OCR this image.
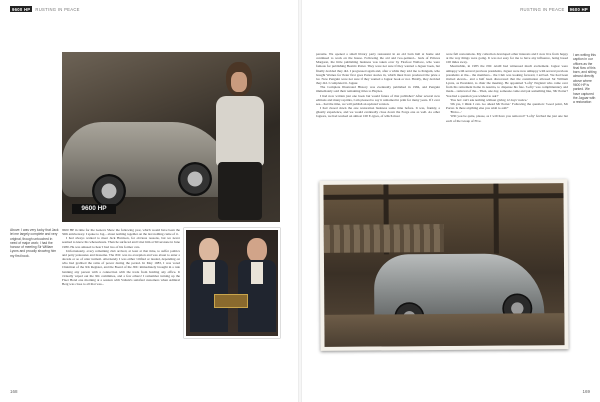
9600 HP	RUSTING IN PEACE	RUSTING IN PEACE	9600 HP
9600 HP
Above: I was very lucky that Jack let me largely complete and very original, though untouched in need of major work; I had the honour of meeting Sir William Lyons and proudly showing him my first book.
I am writing this caption in our offices as the final flow of this barn, and sitting almost directly above where 9600 HP is parked. We have captured the Jaguar with a restoration

9600 HP in time for the Geneva Show the following year, which would have been the 50th anniversary. I spoke to Jag... about nothing together on the last nothing came of it.

I had always wanted to meet Jack Harrison, for obvious reasons, but we never seemed to know his whereabouts. Then he surfaced and I met him at Silverstone in June 1980. He was amused to hear I had two of his former cars.

Unfortunately, every remaining club arrived, at least at that time, to suffer politics and petty jealousies and tiresome. The JDC was no exception and was about to enter a decade or so of utter turmoil. Alternately I was either vilified or lauded, depending on who had grabbed the reins of power during the period. In May 1983, I was voted Chairman of the XK Register, and the Board of the JDC immediately brought in a rule banning any person with a connection with the trade from holding any office. It virtually wiped out the XK committee, and a few others! I remember turning up the Fleet Hotel one morning at a session with Valiant's satisfied customers when Admiral Berg was close to all that was...

parasite. We opened a small library party restaurant in an old barn hall at home and continued to work on the house. Following the aid and two-pointed... back of Princes Margaret, the little publishing business was taken over by Firefoot Wallace, who were famous for publishing Beatrix Potter. They were not sure if they wanted a Jaguar book, but finally decided they did. I progressed again and, after a while they told me to Penguin, who bought Warnes for Peter first goes Potter stories in, which must have produced the prize a lot. Now Penguin were not sure if they wanted a Jaguar book or not. Finally, they decided they did. I completed it. Jaguar.

The Complete Illustrated History was eventually published in 1984, and Penguin immediately sold their remaining titles to Haynes.

I had now written just one book but would future of that publisher? After several new editions and many reprints, I am pleased to say it remained in print for many years. If I ever see... had the time, we will publish an updated version.

I had closed down the one restoration business some time before. It was, frankly, a ghastly experience, and we would eventually close down the Forge one as well. As other Jaguars, we had worked on almost 100 E-types, of which most

were full restorations. My collection developed other interests and I now live from happy at the way things were going. It was not easy for me to have any influence, being based 100 miles away.

Meanwhile, in 1985 the JDC AGM had witnessed much excitement. Jaguar were unhappy with several previous presidents, Jaguar were now unhappy with several previous presidents at the... the members... the Club was looking forward, I arrived. We had been invited eleven... and a half been discovered that the constitution allowed Sir William Lyons, as President, to chair the meeting. He appointed 'Lofty' England who came over from his retirement home in Austria, to dispense his fate. 'Lofty' was complimentary and made... removal of the... Then, one day, someone came and put something like, 'Mr Porter? You had a question you wished to ask?'

'You bet: can't ask nothing without giving 12 days' notice.'

'Oh yes, I think I can. Go ahead Mr Porter.' Following the question: 'Good point, Mr Porter. Is there anything else you wish to add?'

'Bravo...'

'Will you be quite, please, as I will have you removed!' 'Lofty' fetched me just one but each of the Group of Five.

168	169
